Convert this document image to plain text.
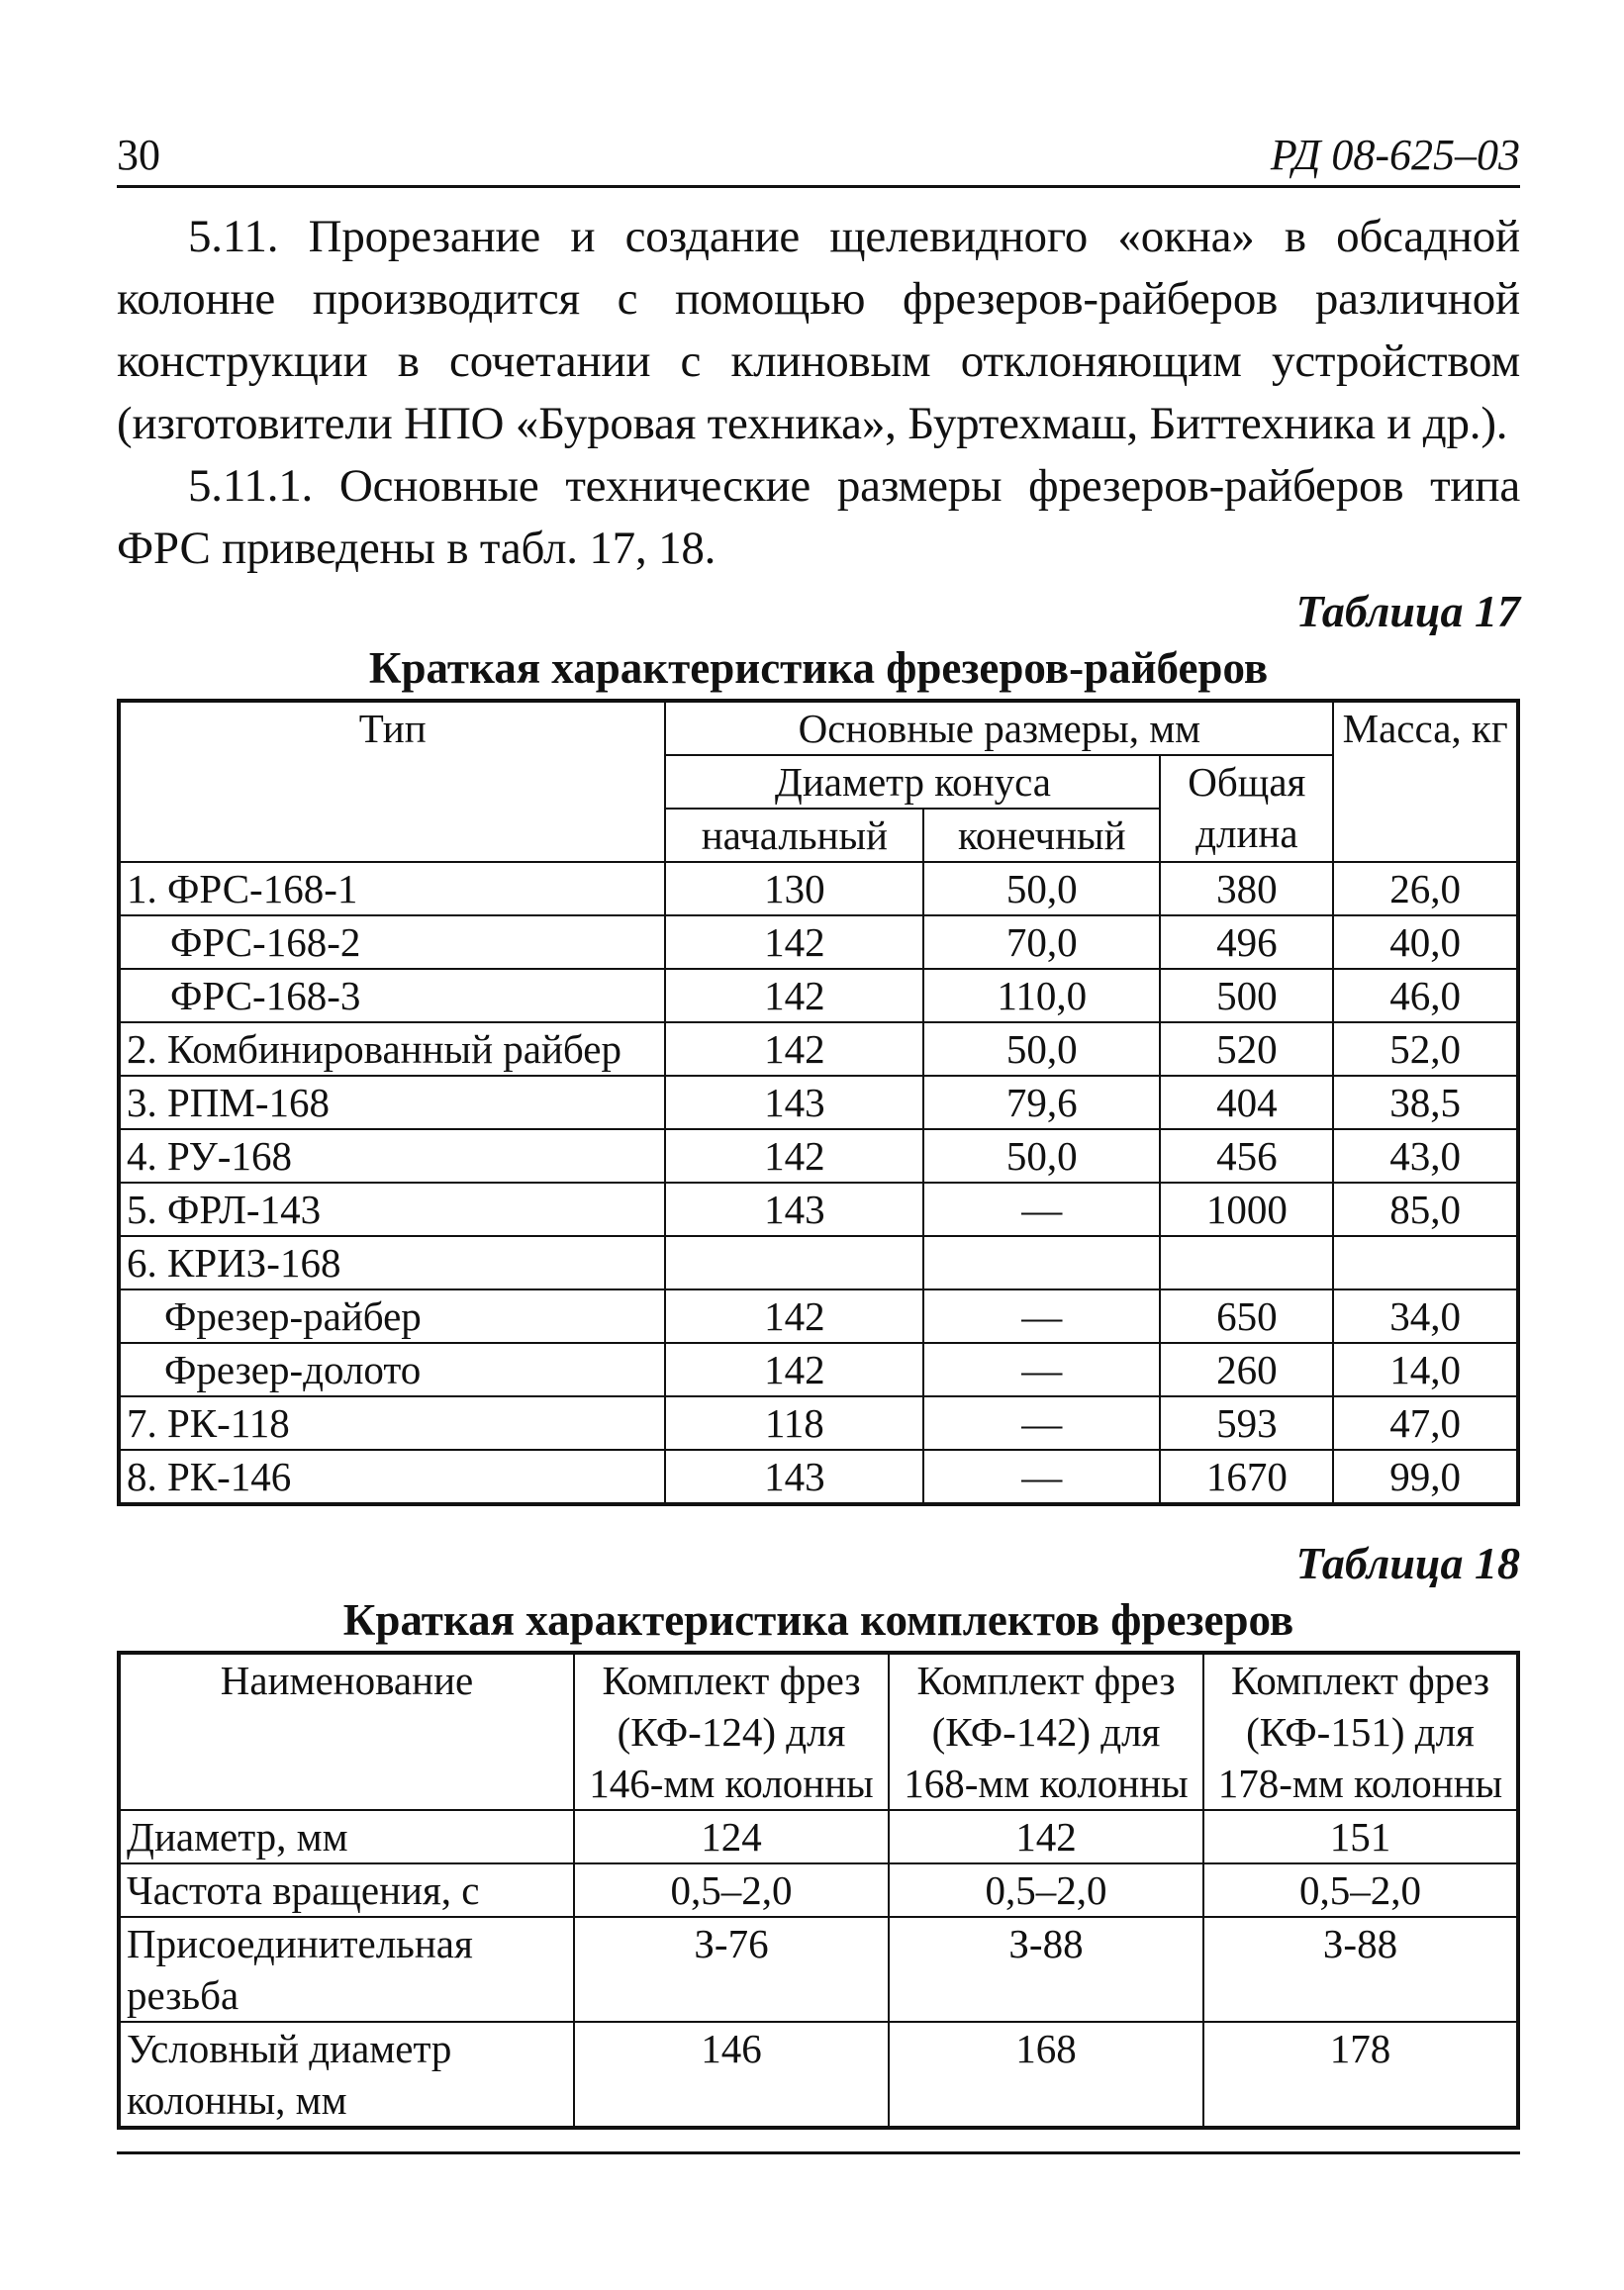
30	РД 08-625–03

5.11. Прорезание и создание щелевидного «окна» в обсадной колонне производится с помощью фрезеров-райберов различной конструкции в сочетании с клиновым отклоняющим устройством (изготовители НПО «Буровая техника», Буртехмаш, Биттехника и др.).

5.11.1. Основные технические размеры фрезеров-райберов типа ФРС приведены в табл. 17, 18.

Таблица 17
Краткая характеристика фрезеров-райберов
Тип	Основные размеры, мм			Масса, кг
	Диаметр конуса		Общая длина	
	начальный	конечный		
1. ФРС-168-1	130	50,0	380	26,0
ФРС-168-2	142	70,0	496	40,0
ФРС-168-3	142	110,0	500	46,0
2. Комбинированный райбер	142	50,0	520	52,0
3. РПМ-168	143	79,6	404	38,5
4. РУ-168	142	50,0	456	43,0
5. ФРЛ-143	143	—	1000	85,0
6. КРИЗ-168				
Фрезер-райбер	142	—	650	34,0
Фрезер-долото	142	—	260	14,0
7. РК-118	118	—	593	47,0
8. РК-146	143	—	1670	99,0
Таблица 18
Краткая характеристика комплектов фрезеров
Наименование	Комплект фрез (КФ-124) для 146-мм колонны	Комплект фрез (КФ-142) для 168-мм колонны	Комплект фрез (КФ-151) для 178-мм колонны
Диаметр, мм	124	142	151
Частота вращения, с	0,5–2,0	0,5–2,0	0,5–2,0
Присоединительная резьба	З-76	З-88	З-88
Условный диаметр колонны, мм	146	168	178
